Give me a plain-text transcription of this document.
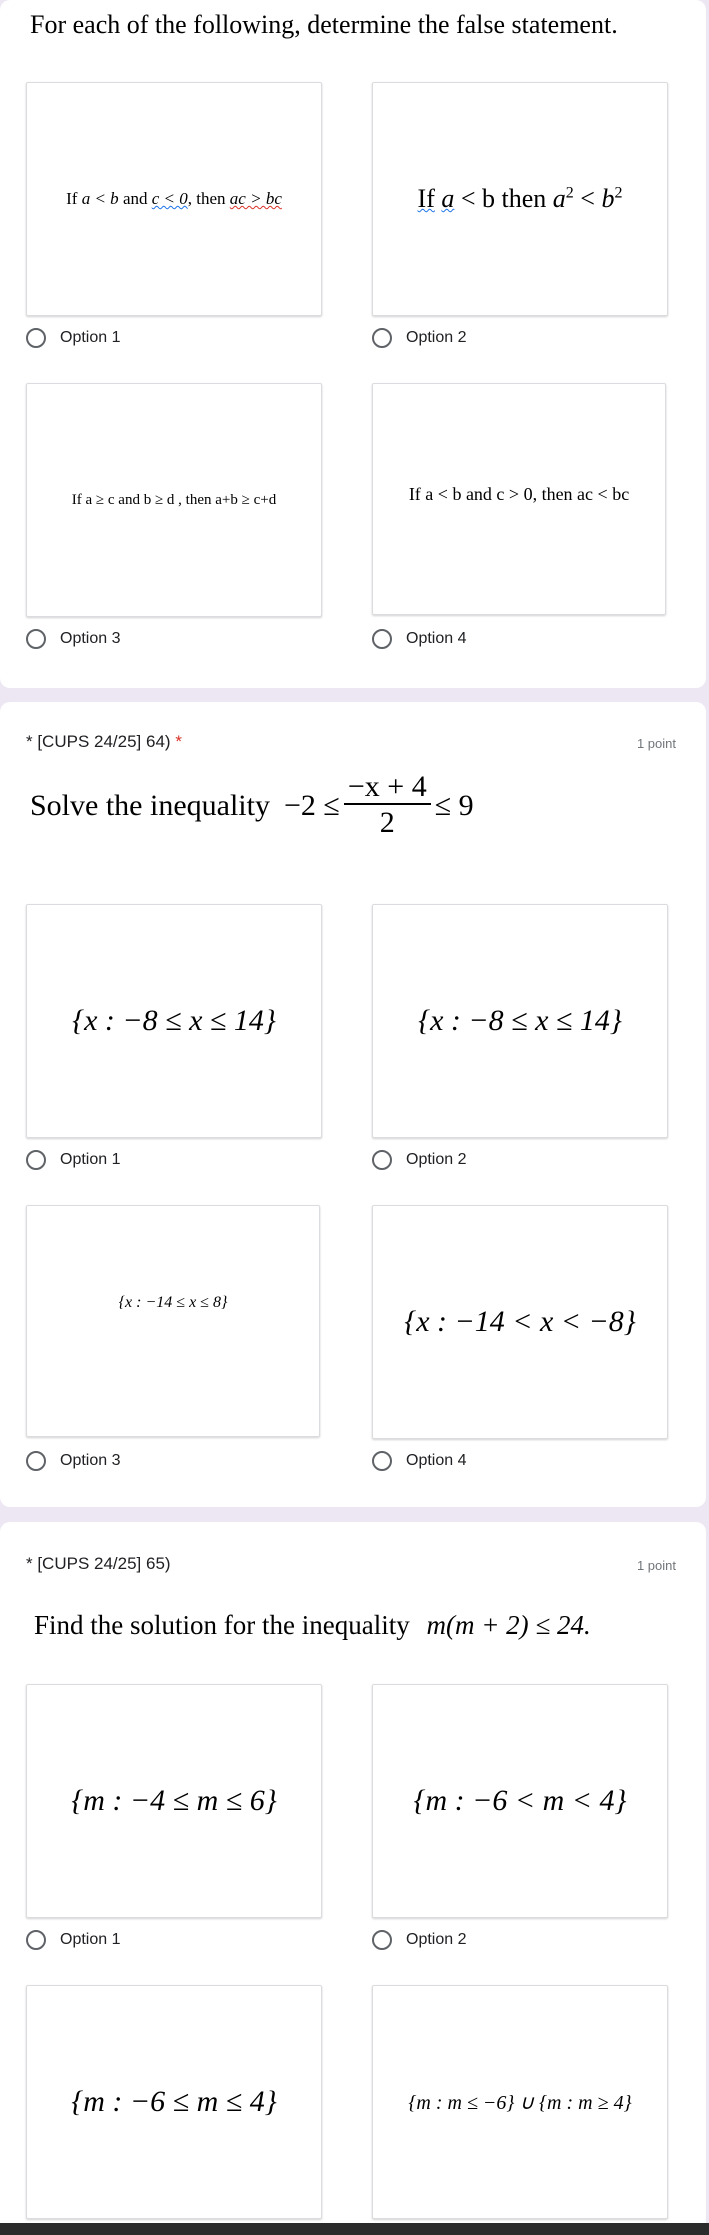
For each of the following, determine the false statement.
If a < b and c < 0, then ac > bc
Option 1
If a < b then $a^2 < b^2$
Option 2
If a ≥ c and b ≥ d , then a+b ≥ c+d
Option 3
If a < b and c > 0, then ac < bc
Option 4
* [CUPS 24/25] 64) *	1 point
Solve the inequality $-2 \le \frac{-x + 4}{2} \le 9$
{x : −8 ≤ x ≤ 14}
Option 1
{x : −8 ≤ x ≤ 14}
Option 2
{x : −14 ≤ x ≤ 8}
Option 3
{x : −14 < x < −8}
Option 4
* [CUPS 24/25] 65)	1 point
Find the solution for the inequality m(m + 2) ≤ 24.
{m : −4 ≤ m ≤ 6}
Option 1
{m : −6 < m < 4}
Option 2
{m : −6 ≤ m ≤ 4}	{m : m ≤ −6} ∪ {m : m ≥ 4}
